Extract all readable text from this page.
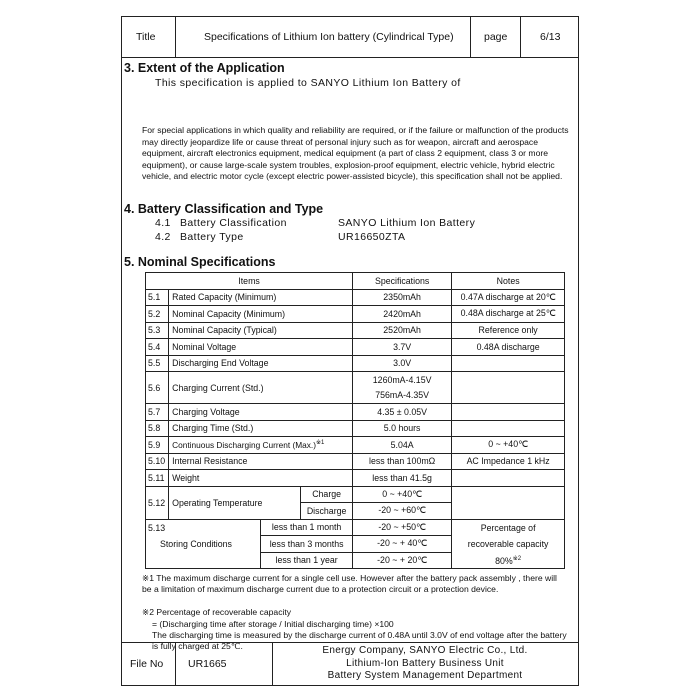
Title	Specifications of Lithium Ion battery (Cylindrical Type)	page	6/13
3. Extent of the Application
This specification is applied to SANYO Lithium Ion Battery of
For special applications in which quality and reliability are required, or if the failure or malfunction of the products may directly jeopardize life or cause threat of personal injury such as for weapon, aircraft and aerospace equipment, aircraft electronics equipment, medical equipment (a part of class 2 equipment, class 3 or more equipment), or cause large-scale system troubles, explosion-proof equipment, electric vehicle, hybrid electric vehicle, and electric motor cycle (except electric power-assisted bicycle), this specification shall not be applied.
4. Battery Classification and Type
4.1 Battery Classification	SANYO Lithium Ion Battery
4.2 Battery Type	UR16650ZTA
5. Nominal Specifications
Items				Specifications	Notes
5.1	Rated Capacity (Minimum)			2350mAh	0.47A discharge at 20℃
5.2	Nominal Capacity (Minimum)			2420mAh	0.48A discharge at 25℃
5.3	Nominal Capacity (Typical)			2520mAh	Reference only
5.4	Nominal Voltage			3.7V	0.48A discharge
5.5	Discharging End Voltage			3.0V	
5.6	Charging Current (Std.)			1260mA-4.15V	
				756mA-4.35V	
5.7	Charging Voltage			4.35 ± 0.05V	
5.8	Charging Time (Std.)			5.0 hours	
5.9	Continuous Discharging Current $(Max.)^{※1}$			5.04A	0 ~ +40℃
5.10	Internal Resistance			less than 100mΩ	AC Impedance 1 kHz
5.11	Weight			less than 41.5g	
5.12	Operating Temperature		Charge	0 ~ +40℃	
			Discharge	-20 ~ +60℃	
5.13		less than 1 month		-20 ~ +50℃	Percentage of
Storing Conditions		less than 3 months		-20 ~ + 40℃	recoverable capacity
		less than 1 year		-20 ~ + 20℃	80%$^{※2}$
※1 The maximum discharge current for a single cell use. However after the battery pack assembly , there will be a limitation of maximum discharge current due to a protection circuit or a protection device.
※2 Percentage of recoverable capacity
= (Discharging time after storage / Initial discharging time) ×100
The discharging time is measured by the discharge current of 0.48A until 3.0V of end voltage after the battery is fully charged at 25℃.
File No UR1665
Energy Company, SANYO Electric Co., Ltd.
Lithium-Ion Battery Business Unit
Battery System Management Department
